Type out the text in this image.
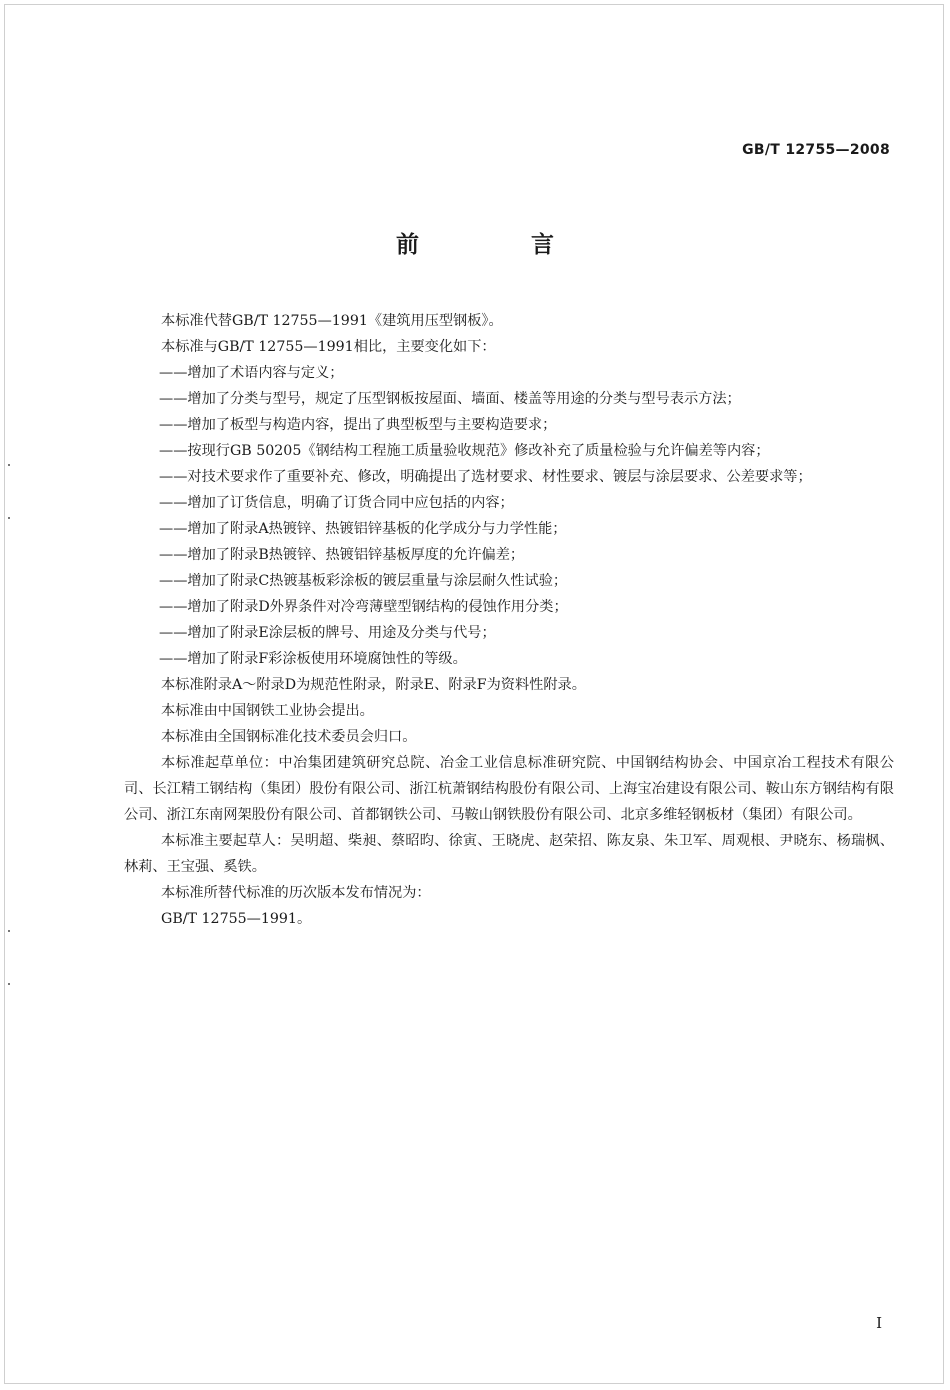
GB/T 12755—2008
前 言

本标准代替GB/T 12755—1991《建筑用压型钢板》。

本标准与GB/T 12755—1991相比，主要变化如下：

——增加了术语内容与定义；

——增加了分类与型号，规定了压型钢板按屋面、墙面、楼盖等用途的分类与型号表示方法；

——增加了板型与构造内容，提出了典型板型与主要构造要求；

——按现行GB 50205《钢结构工程施工质量验收规范》修改补充了质量检验与允许偏差等内容；

——对技术要求作了重要补充、修改，明确提出了选材要求、材性要求、镀层与涂层要求、公差要求等；

——增加了订货信息，明确了订货合同中应包括的内容；

——增加了附录A热镀锌、热镀铝锌基板的化学成分与力学性能；

——增加了附录B热镀锌、热镀铝锌基板厚度的允许偏差；

——增加了附录C热镀基板彩涂板的镀层重量与涂层耐久性试验；

——增加了附录D外界条件对冷弯薄壁型钢结构的侵蚀作用分类；

——增加了附录E涂层板的牌号、用途及分类与代号；

——增加了附录F彩涂板使用环境腐蚀性的等级。

本标准附录A～附录D为规范性附录，附录E、附录F为资料性附录。

本标准由中国钢铁工业协会提出。

本标准由全国钢标准化技术委员会归口。

本标准起草单位：中冶集团建筑研究总院、冶金工业信息标准研究院、中国钢结构协会、中国京冶工程技术有限公司、长江精工钢结构（集团）股份有限公司、浙江杭萧钢结构股份有限公司、上海宝冶建设有限公司、鞍山东方钢结构有限公司、浙江东南网架股份有限公司、首都钢铁公司、马鞍山钢铁股份有限公司、北京多维轻钢板材（集团）有限公司。

本标准主要起草人：吴明超、柴昶、蔡昭昀、徐寅、王晓虎、赵荣招、陈友泉、朱卫军、周观根、尹晓东、杨瑞枫、林莉、王宝强、奚铁。

本标准所替代标准的历次版本发布情况为：

GB/T 12755—1991。

I
